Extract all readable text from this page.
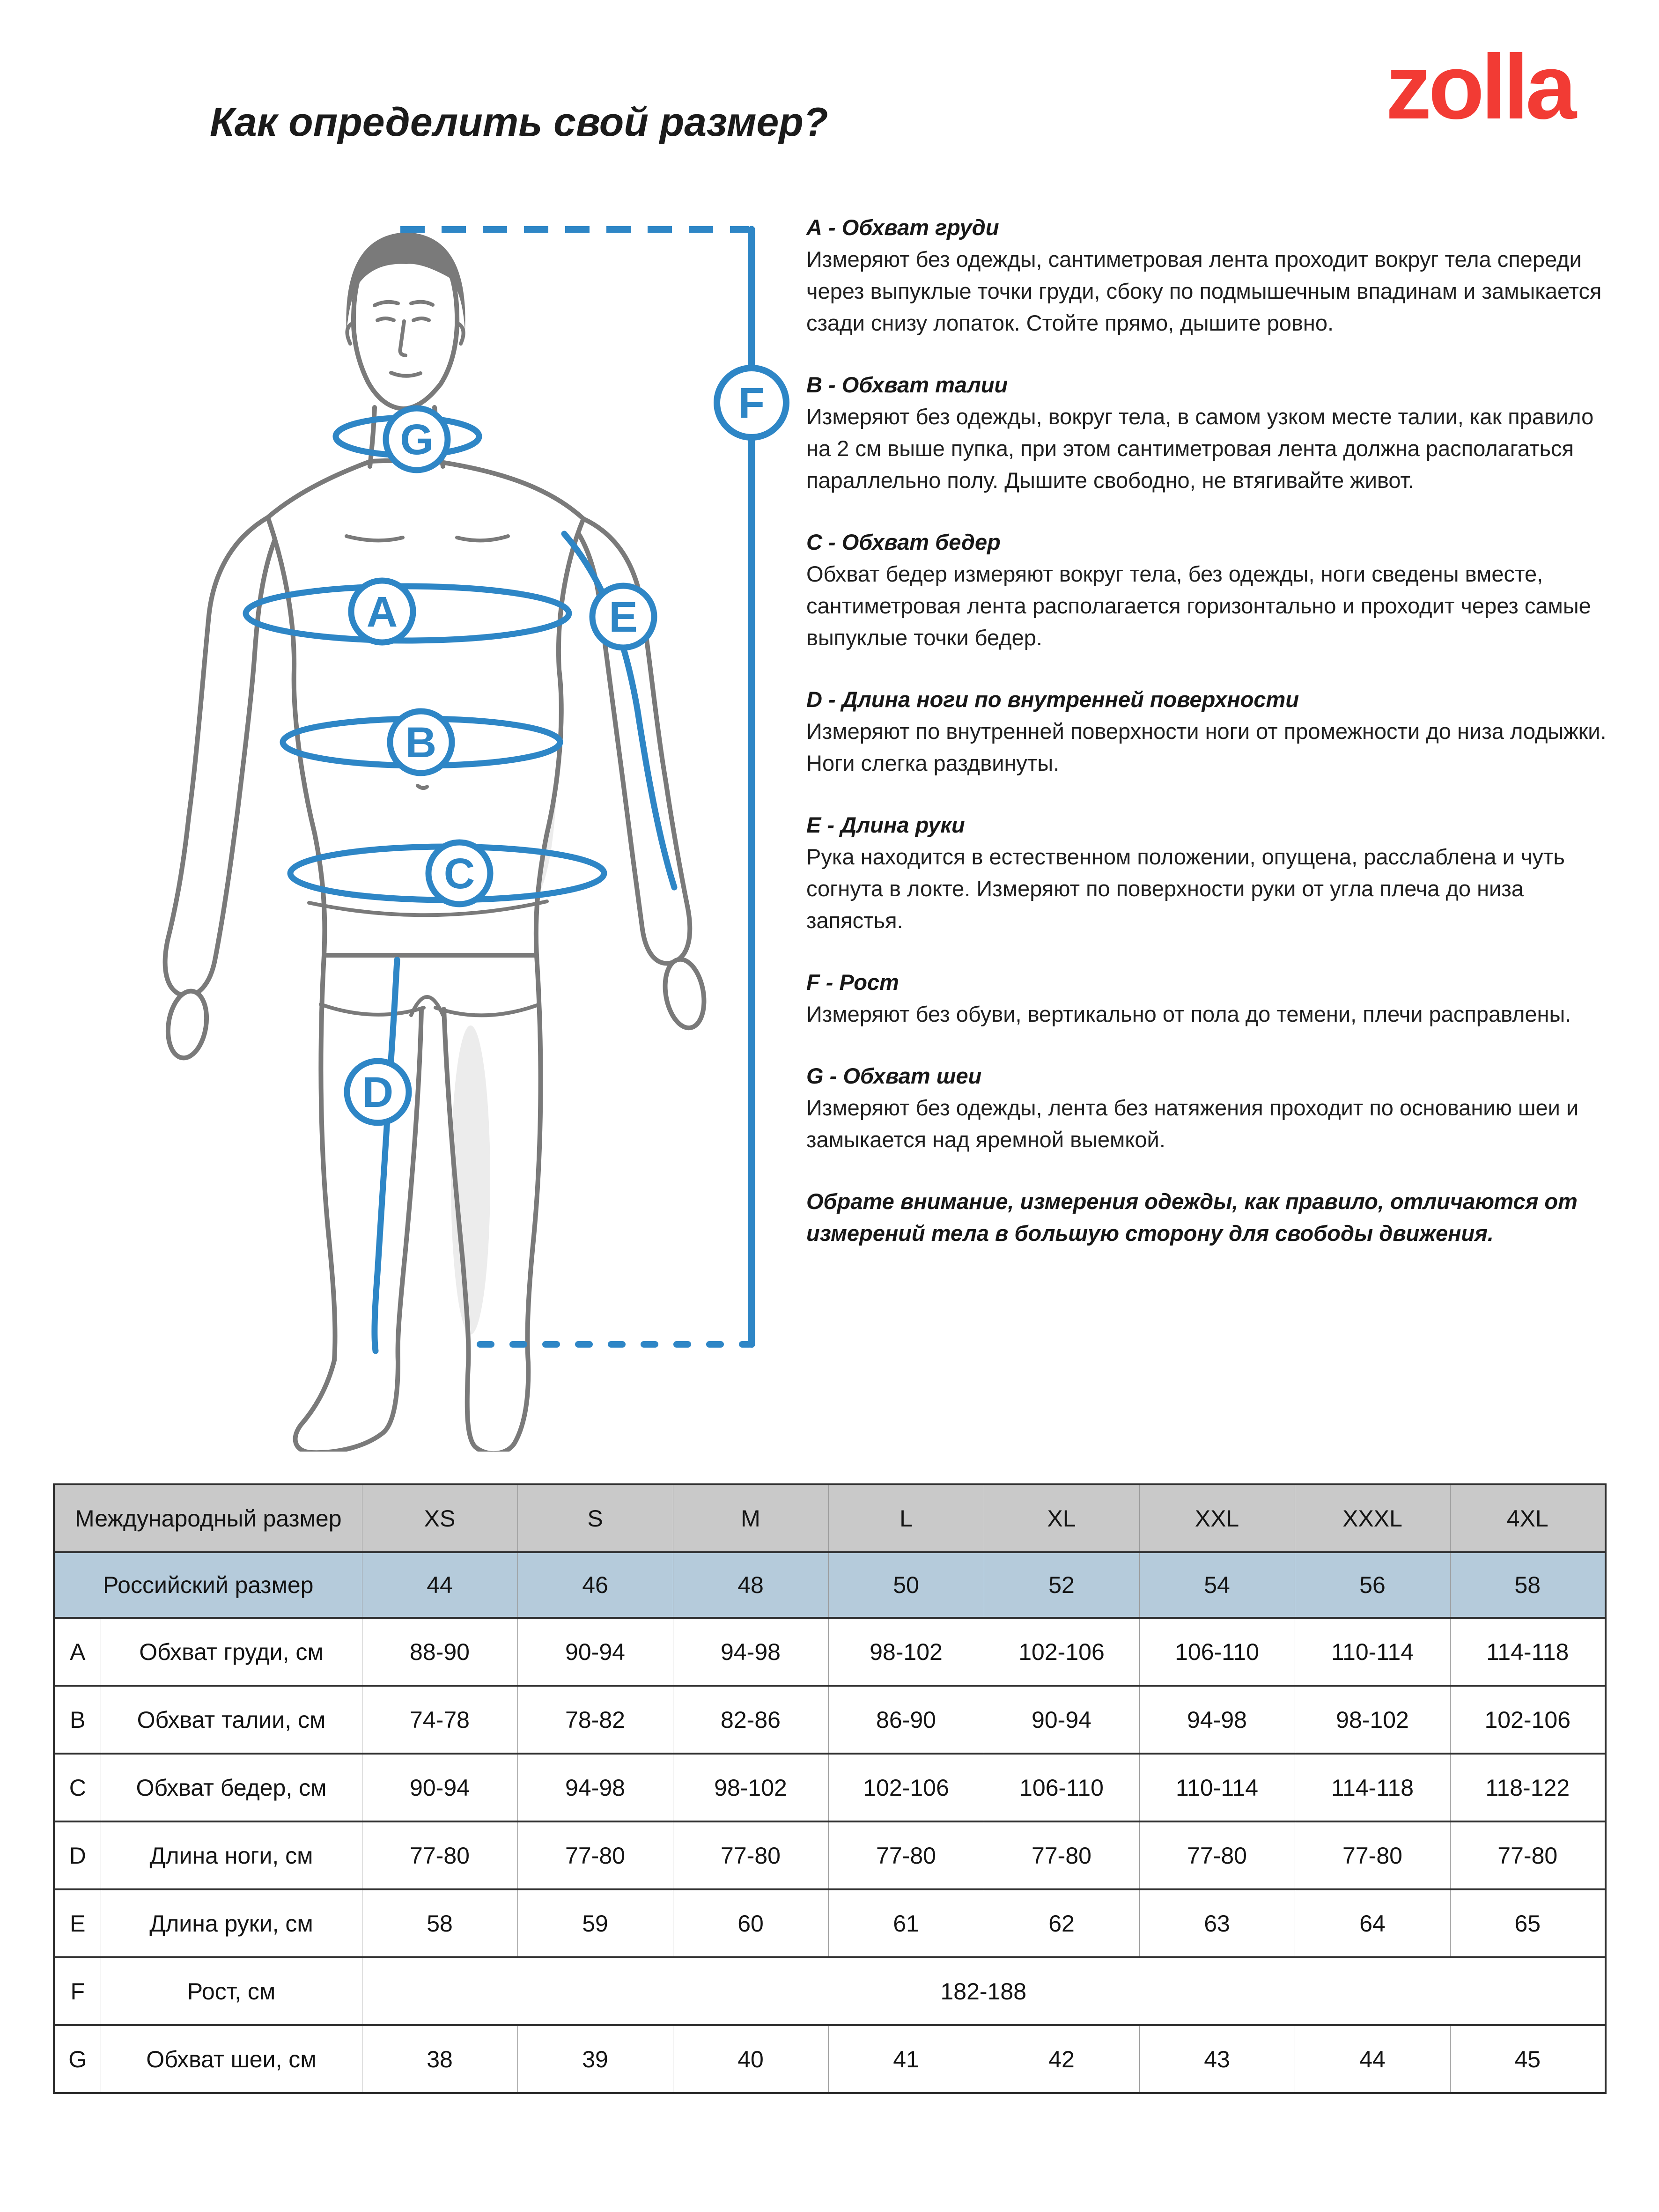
Как определить свой размер?	zolla
G
A
B
C
D
E
F
А - Обхват груди

Измеряют без одежды, сантиметровая лента проходит вокруг тела спереди через выпуклые точки груди, сбоку по подмышечным впадинам и замыкается сзади снизу лопаток. Стойте прямо, дышите ровно.

В - Обхват талии

Измеряют без одежды, вокруг тела, в самом узком месте талии, как правило на 2 см выше пупка, при этом сантиметровая лента должна располагаться параллельно полу. Дышите свободно, не втягивайте живот.

С - Обхват бедер

Обхват бедер измеряют вокруг тела, без одежды, ноги сведены вместе, сантиметровая лента располагается горизонтально и проходит через самые выпуклые точки бедер.

D - Длина ноги по внутренней поверхности

Измеряют по внутренней поверхности ноги от промежности до низа лодыжки. Ноги слегка раздвинуты.

Е - Длина руки

Рука находится в естественном положении, опущена, расслаблена и чуть согнута в локте. Измеряют по поверхности руки от угла плеча до низа запястья.

F - Рост

Измеряют без обуви, вертикально от пола до темени, плечи расправлены.

G - Обхват шеи

Измеряют без одежды, лента без натяжения проходит по основанию шеи и замыкается над яремной выемкой.

Обрате внимание, измерения одежды, как правило, отличаются от измерений тела в большую сторону для свободы движения.

Международный размер		XS	S	M	L	XL	XXL	XXXL	4XL
Российский размер		44	46	48	50	52	54	56	58
A	Обхват груди, см	88-90	90-94	94-98	98-102	102-106	106-110	110-114	114-118
B	Обхват талии, см	74-78	78-82	82-86	86-90	90-94	94-98	98-102	102-106
C	Обхват бедер, см	90-94	94-98	98-102	102-106	106-110	110-114	114-118	118-122
D	Длина ноги, см	77-80	77-80	77-80	77-80	77-80	77-80	77-80	77-80
E	Длина руки, см	58	59	60	61	62	63	64	65
F	Рост, см	182-188							
G	Обхват шеи, см	38	39	40	41	42	43	44	45
